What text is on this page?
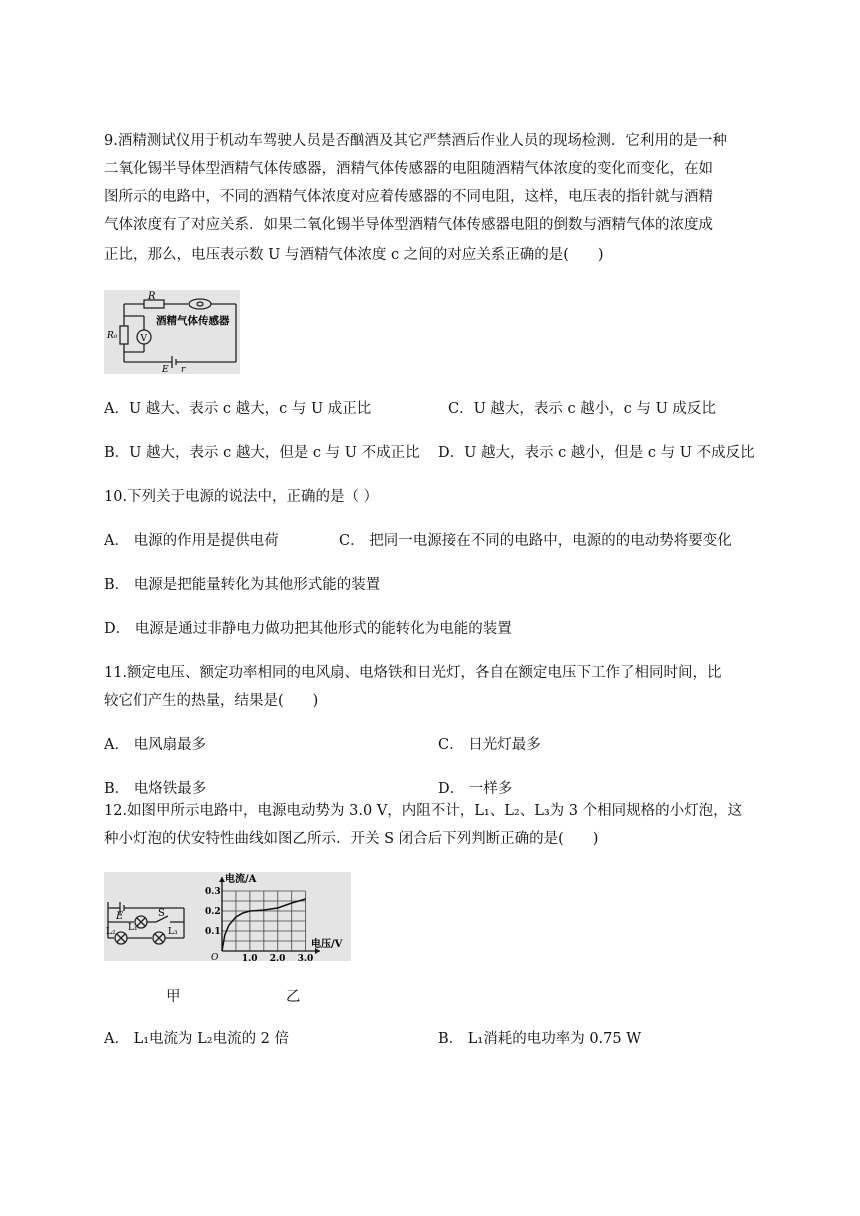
9.酒精测试仪用于机动车驾驶人员是否酗酒及其它严禁酒后作业人员的现场检测．它利用的是一种
二氧化锡半导体型酒精气体传感器，酒精气体传感器的电阻随酒精气体浓度的变化而变化，在如
图所示的电路中，不同的酒精气体浓度对应着传感器的不同电阻，这样，电压表的指针就与酒精
气体浓度有了对应关系．如果二氧化锡半导体型酒精气体传感器电阻的倒数与酒精气体的浓度成
正比，那么，电压表示数 U 与酒精气体浓度 c 之间的对应关系正确的是(　　)
R
酒精气体传感器
R₀	V
E r
A．U 越大、表示 c 越大，c 与 U 成正比	C．U 越大，表示 c 越小，c 与 U 成反比
B．U 越大，表示 c 越大，但是 c 与 U 不成正比 D．U 越大，表示 c 越小，但是 c 与 U 不成反比
10.下列关于电源的说法中，正确的是（ ）
A． 电源的作用是提供电荷	C． 把同一电源接在不同的电路中，电源的的电动势将要变化
B． 电源是把能量转化为其他形式能的装置
D． 电源是通过非静电力做功把其他形式的能转化为电能的装置
11.额定电压、额定功率相同的电风扇、电烙铁和日光灯，各自在额定电压下工作了相同时间，比
较它们产生的热量，结果是(　　)
A． 电风扇最多	C． 日光灯最多
B． 电烙铁最多	D． 一样多
12.如图甲所示电路中，电源电动势为 3.0 V，内阻不计，L₁、L₂、L₃为 3 个相同规格的小灯泡，这
种小灯泡的伏安特性曲线如图乙所示．开关 S 闭合后下列判断正确的是(　　)
E	S
L₁
L₂	L₃
1.0 2.0 3.0
0.3
0.2
0.1
O
电流/A
电压/V
甲	乙
A． L₁电流为 L₂电流的 2 倍	B． L₁消耗的电功率为 0.75 W
